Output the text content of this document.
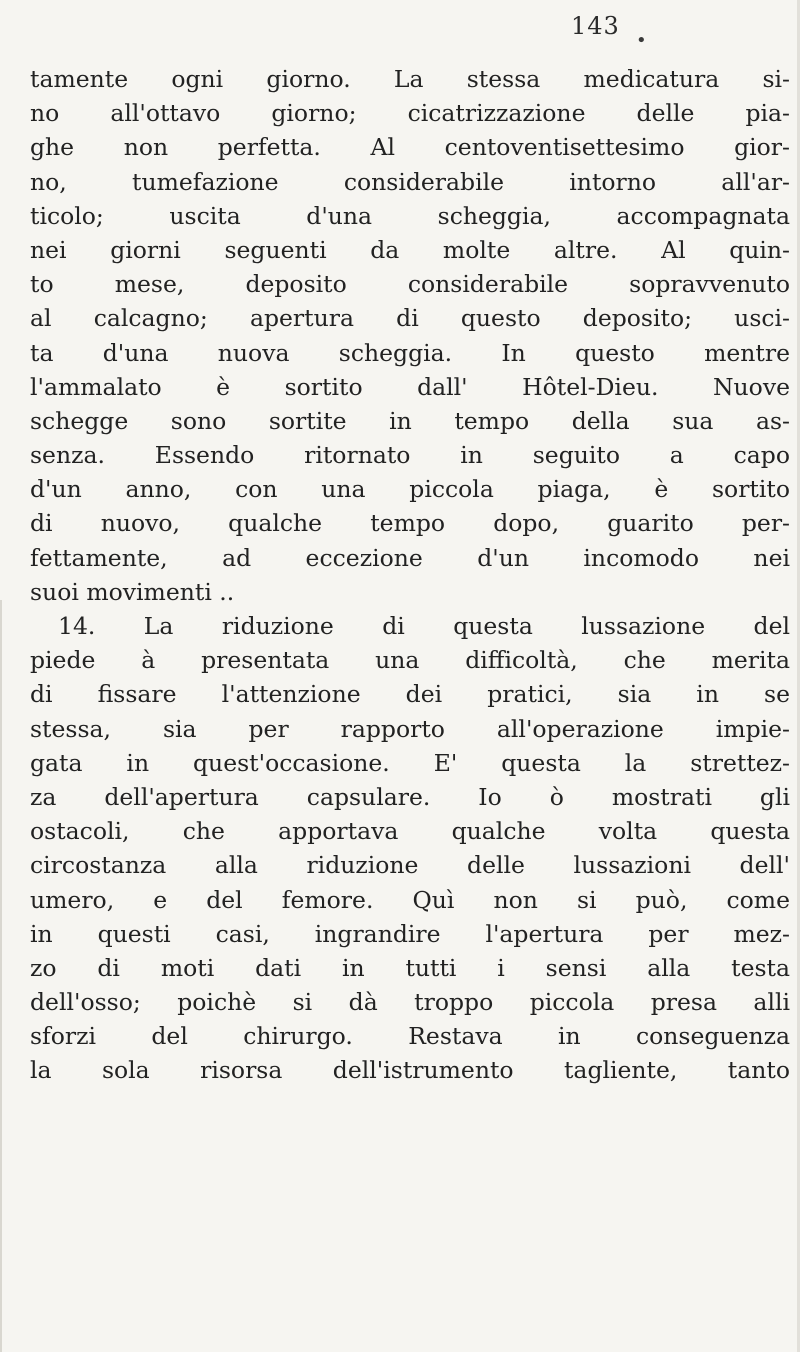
143
•
tamente ogni giorno. La stessa medicatura si-
no all'ottavo giorno; cicatrizzazione delle pia-
ghe non perfetta. Al centoventisettesimo gior-
no, tumefazione considerabile intorno all'ar-
ticolo; uscita d'una scheggia, accompagnata
nei giorni seguenti da molte altre. Al quin-
to mese, deposito considerabile sopravvenuto
al calcagno; apertura di questo deposito; usci-
ta d'una nuova scheggia. In questo mentre
l'ammalato è sortito dall' Hôtel-Dieu. Nuove
schegge sono sortite in tempo della sua as-
senza. Essendo ritornato in seguito a capo
d'un anno, con una piccola piaga, è sortito
di nuovo, qualche tempo dopo, guarito per-
fettamente, ad eccezione d'un incomodo nei
suoi movimenti ..
14. La riduzione di questa lussazione del
piede à presentata una difficoltà, che merita
di fissare l'attenzione dei pratici, sia in se
stessa, sia per rapporto all'operazione impie-
gata in quest'occasione. E' questa la strettez-
za dell'apertura capsulare. Io ò mostrati gli
ostacoli, che apportava qualche volta questa
circostanza alla riduzione delle lussazioni dell'
umero, e del femore. Quì non si può, come
in questi casi, ingrandire l'apertura per mez-
zo di moti dati in tutti i sensi alla testa
dell'osso; poichè si dà troppo piccola presa alli
sforzi del chirurgo. Restava in conseguenza
la sola risorsa dell'istrumento tagliente, tanto
